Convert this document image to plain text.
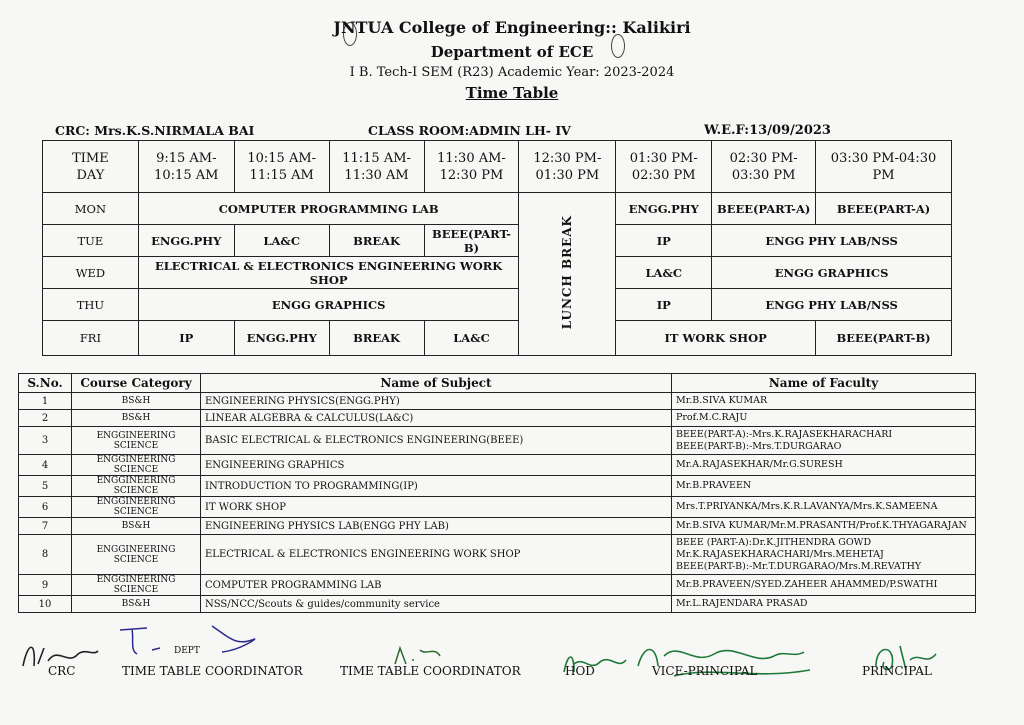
JNTUA College of Engineering:: Kalikiri
Department of ECE
I B. Tech-I SEM (R23) Academic Year: 2023-2024
Time Table
CRC: Mrs.K.S.NIRMALA BAI	CLASS ROOM:ADMIN LH- IV	W.E.F:13/09/2023
TIME
DAY	9:15 AM-10:15 AM	10:15 AM-11:15 AM	11:15 AM-11:30 AM	11:30 AM-12:30 PM	12:30 PM-01:30 PM	01:30 PM-02:30 PM	02:30 PM-03:30 PM	03:30 PM-04:30 PM
MON	COMPUTER PROGRAMMING LAB				LUNCH BREAK	ENGG.PHY	BEEE(PART-A)	BEEE(PART-A)
TUE	ENGG.PHY	LA&C	BREAK	BEEE(PART-B)		IP	ENGG PHY LAB/NSS	
WED	ELECTRICAL & ELECTRONICS ENGINEERING WORK SHOP					LA&C	ENGG GRAPHICS	
THU	ENGG GRAPHICS					IP	ENGG PHY LAB/NSS	
FRI	IP	ENGG.PHY	BREAK	LA&C		IT WORK SHOP		BEEE(PART-B)
S.No.	Course Category	Name of Subject	Name of Faculty
1	BS&H	ENGINEERING PHYSICS(ENGG.PHY)	Mr.B.SIVA KUMAR

2	BS&H	LINEAR ALGEBRA & CALCULUS(LA&C)	Prof.M.C.RAJU

3	ENGGINEERING SCIENCE	BASIC ELECTRICAL & ELECTRONICS ENGINEERING(BEEE)	BEEE(PART-A):-Mrs.K.RAJASEKHARACHARI
BEEE(PART-B):-Mrs.T.DURGARAO

4	ENGGINEERING SCIENCE	ENGINEERING GRAPHICS	Mr.A.RAJASEKHAR/Mr.G.SURESH

5	ENGGINEERING SCIENCE	INTRODUCTION TO PROGRAMMING(IP)	Mr.B.PRAVEEN

6	ENGGINEERING SCIENCE	IT WORK SHOP	Mrs.T.PRIYANKA/Mrs.K.R.LAVANYA/Mrs.K.SAMEENA

7	BS&H	ENGINEERING PHYSICS LAB(ENGG PHY LAB)	Mr.B.SIVA KUMAR/Mr.M.PRASANTH/Prof.K.THYAGARAJAN

8	ENGGINEERING SCIENCE	ELECTRICAL & ELECTRONICS ENGINEERING WORK SHOP	BEEE (PART-A):Dr.K.JITHENDRA GOWD
Mr.K.RAJASEKHARACHARI/Mrs.MEHETAJ
BEEE(PART-B):-Mr.T.DURGARAO/Mrs.M.REVATHY

9	ENGGINEERING SCIENCE	COMPUTER PROGRAMMING LAB	Mr.B.PRAVEEN/SYED.ZAHEER AHAMMED/P.SWATHI

10	BS&H	NSS/NCC/Scouts & guides/community service	Mr.L.RAJENDARA PRASAD
CRC
DEPT
TIME TABLE COORDINATOR	TIME TABLE COORDINATOR	HOD	VICE-PRINCIPAL	PRINCIPAL
